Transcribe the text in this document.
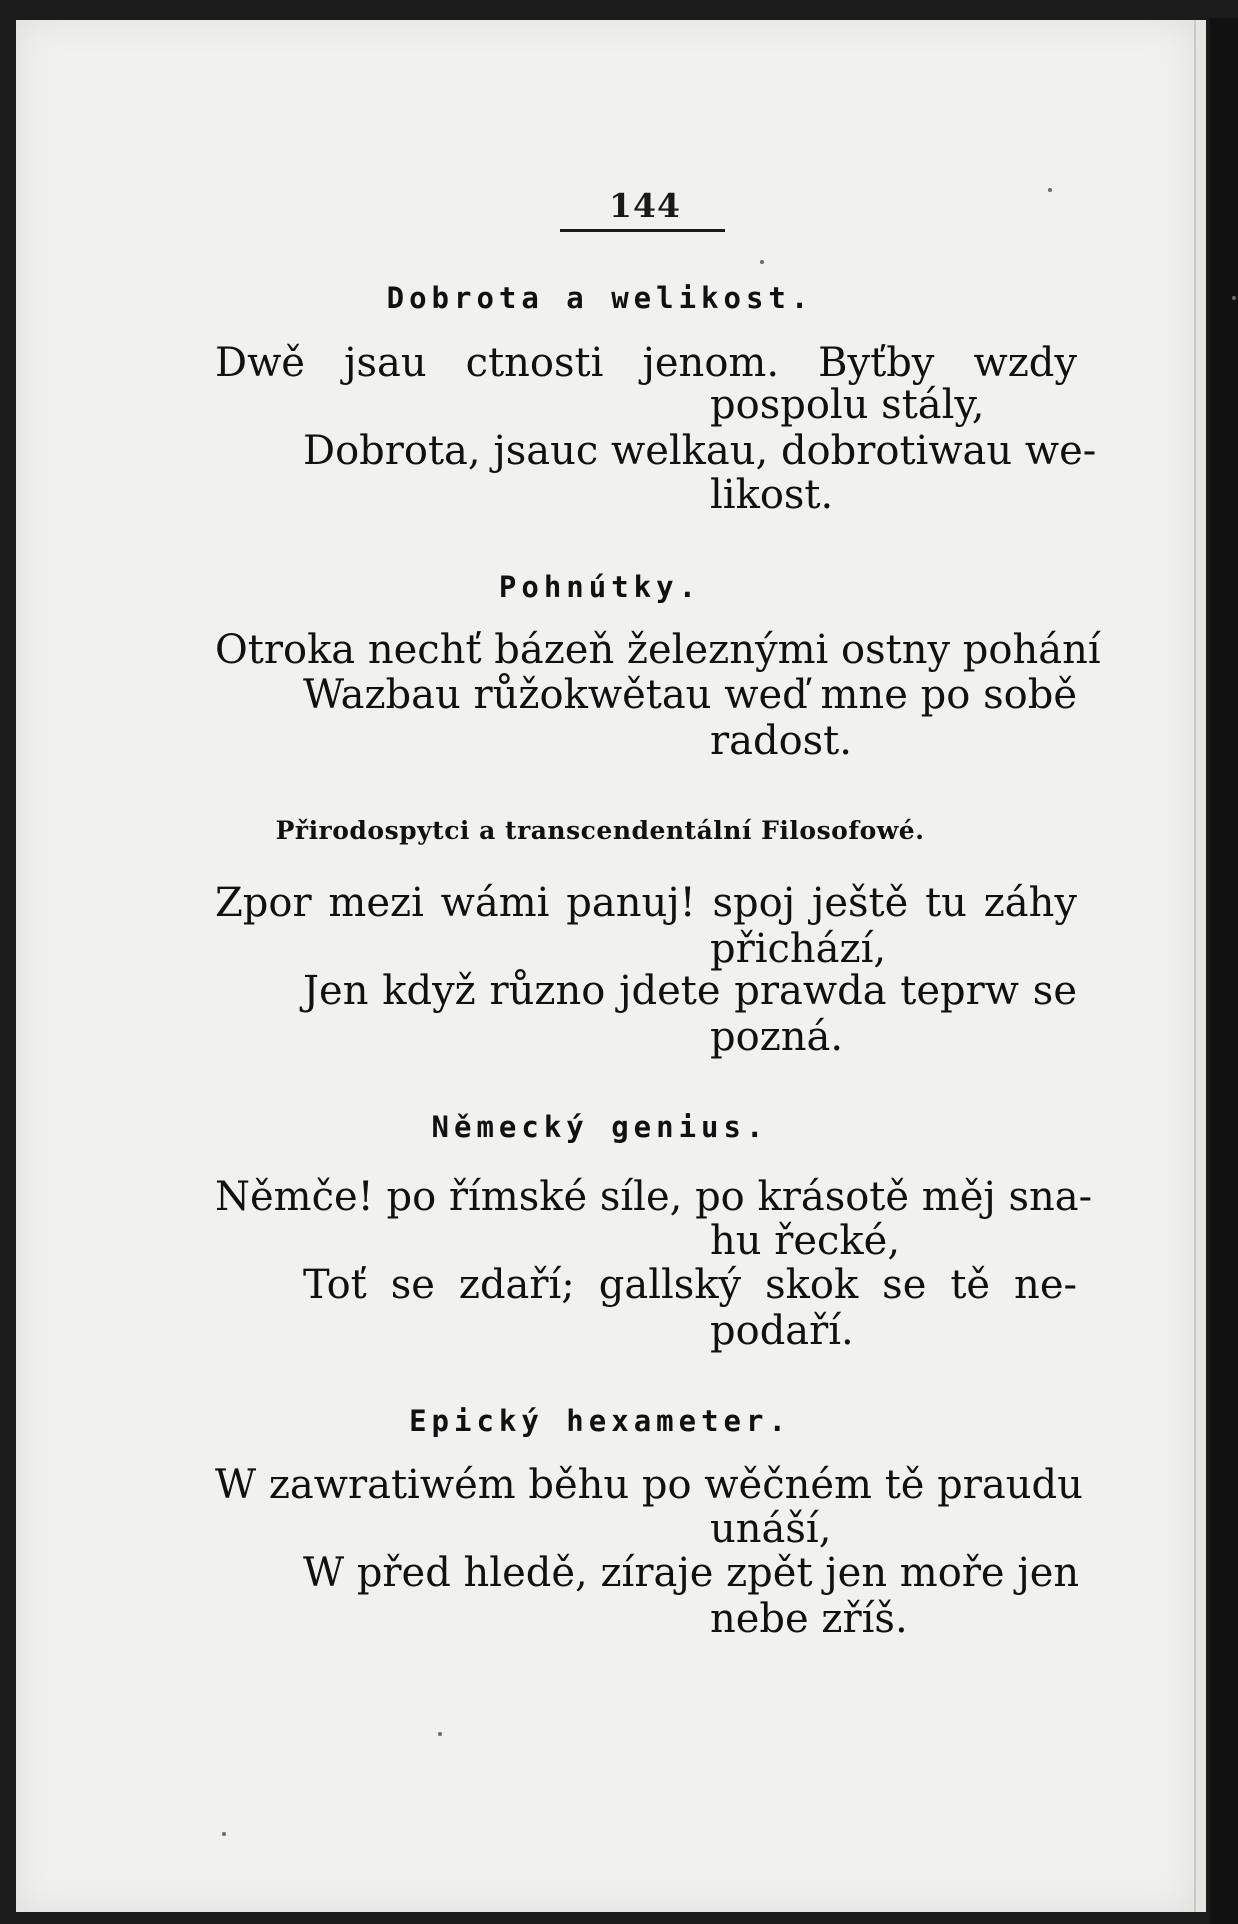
144
Dobrota a welikost.
Dwě jsau ctnosti jenom. Byťby wzdy
pospolu stály,
Dobrota, jsauc welkau, dobrotiwau we-
likost.
Pohnútky.
Otroka nechť bázeň železnými ostny pohání
Wazbau růžokwětau weď mne po sobě
radost.
Přirodospytci a transcendentální Filosofowé.
Zpor mezi wámi panuj! spoj ještě tu záhy
přichází,
Jen když různo jdete prawda teprw se
pozná.
Německý genius.
Němče! po římské síle, po krásotě měj sna-
hu řecké,
Toť se zdaří; gallský skok se tě ne-
podaří.
Epický hexameter.
W zawratiwém běhu po wěčném tě praudu
unáší,
W před hledě, zíraje zpět jen moře jen
nebe zříš.
